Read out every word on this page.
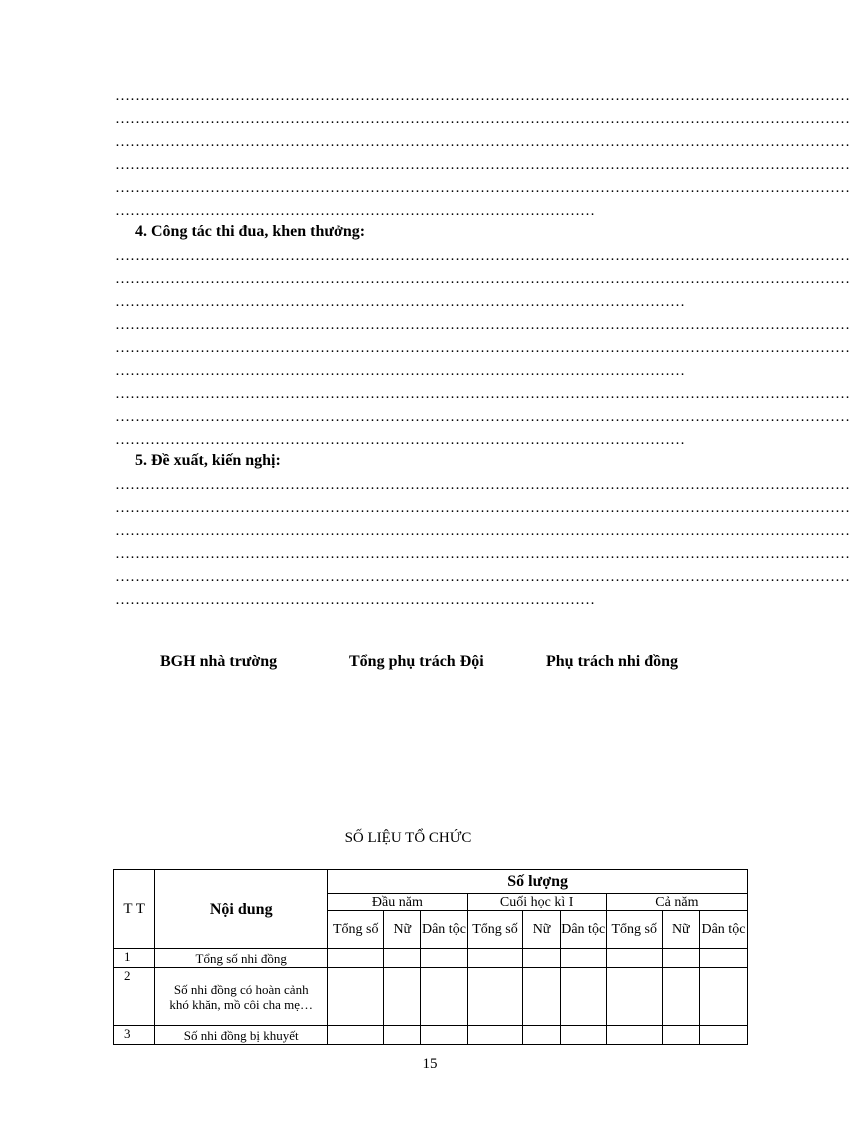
…………………………………………………………………………………………………………………………………
…………………………………………………………………………………………………………………………………
…………………………………………………………………………………………………………………………………
…………………………………………………………………………………………………………………………………
…………………………………………………………………………………………………………………………………
……………………………………………………………………………………
4. Công tác thi đua, khen thưởng:
…………………………………………………………………………………………………………………………………
…………………………………………………………………………………………………………………………………
……………………………………………………………………………………………………
…………………………………………………………………………………………………………………………………
…………………………………………………………………………………………………………………………………
……………………………………………………………………………………………………
…………………………………………………………………………………………………………………………………
…………………………………………………………………………………………………………………………………
……………………………………………………………………………………………………
5. Đề xuất, kiến nghị:
…………………………………………………………………………………………………………………………………
…………………………………………………………………………………………………………………………………
…………………………………………………………………………………………………………………………………
…………………………………………………………………………………………………………………………………
…………………………………………………………………………………………………………………………………
……………………………………………………………………………………
BGH nhà trường	Tổng phụ trách Đội	Phụ trách nhi đồng
SỐ LIỆU TỔ CHỨC
T T	Nội dung	Số lượng								
		Đầu năm			Cuối học kì I			Cả năm		
		Tổng số	Nữ	Dân tộc	Tổng số	Nữ	Dân tộc	Tổng số	Nữ	Dân tộc
1	Tổng số nhi đồng									
2	Số nhi đồng có hoàn cảnh khó khăn, mồ côi cha mẹ…									
3	Số nhi đồng bị khuyết									
15
